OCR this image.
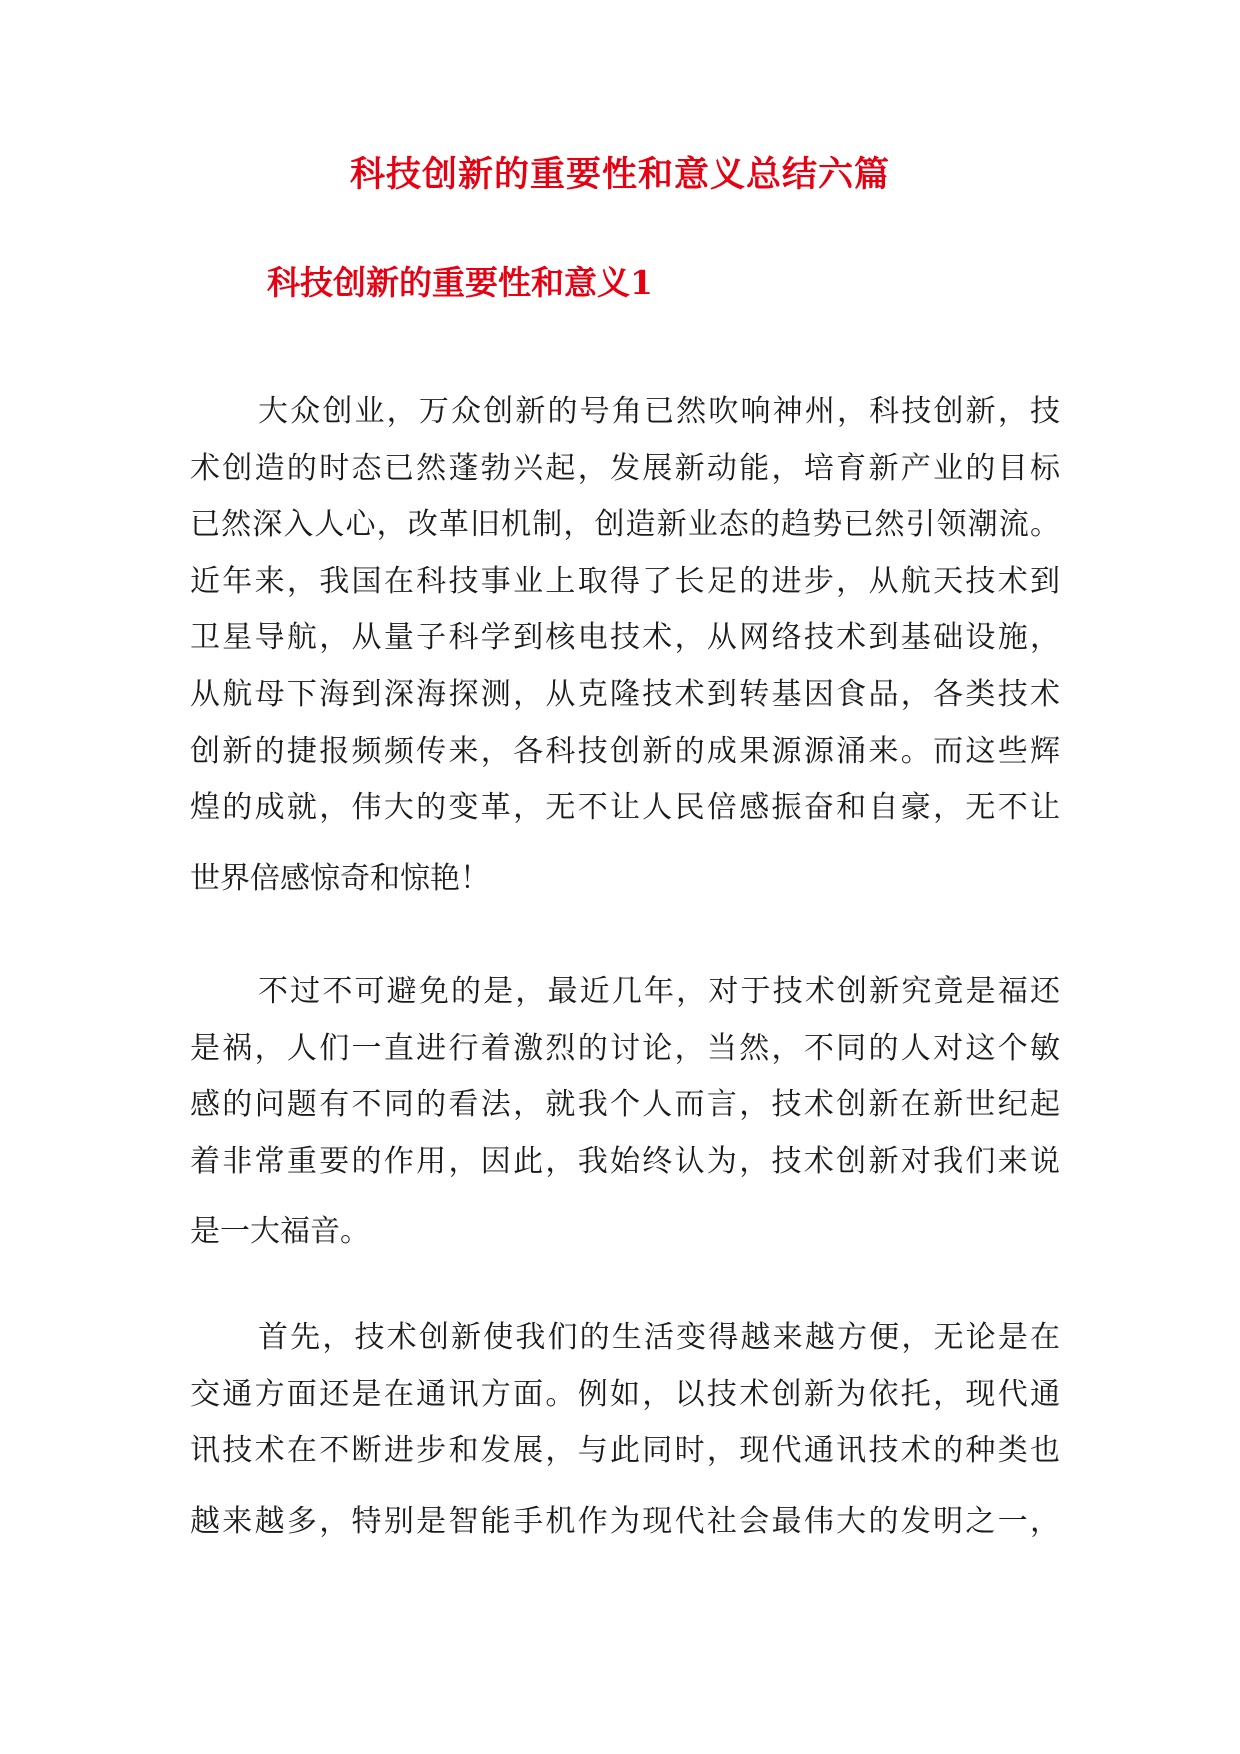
科技创新的重要性和意义总结六篇
科技创新的重要性和意义1
大众创业，万众创新的号角已然吹响神州，科技创新，技
术创造的时态已然蓬勃兴起，发展新动能，培育新产业的目标
已然深入人心，改革旧机制，创造新业态的趋势已然引领潮流。
近年来，我国在科技事业上取得了长足的进步，从航天技术到
卫星导航，从量子科学到核电技术，从网络技术到基础设施，
从航母下海到深海探测，从克隆技术到转基因食品，各类技术
创新的捷报频频传来，各科技创新的成果源源涌来。而这些辉
煌的成就，伟大的变革，无不让人民倍感振奋和自豪，无不让
世界倍感惊奇和惊艳！
不过不可避免的是，最近几年，对于技术创新究竟是福还
是祸，人们一直进行着激烈的讨论，当然，不同的人对这个敏
感的问题有不同的看法，就我个人而言，技术创新在新世纪起
着非常重要的作用，因此，我始终认为，技术创新对我们来说
是一大福音。
首先，技术创新使我们的生活变得越来越方便，无论是在
交通方面还是在通讯方面。例如，以技术创新为依托，现代通
讯技术在不断进步和发展，与此同时，现代通讯技术的种类也
越来越多，特别是智能手机作为现代社会最伟大的发明之一，
